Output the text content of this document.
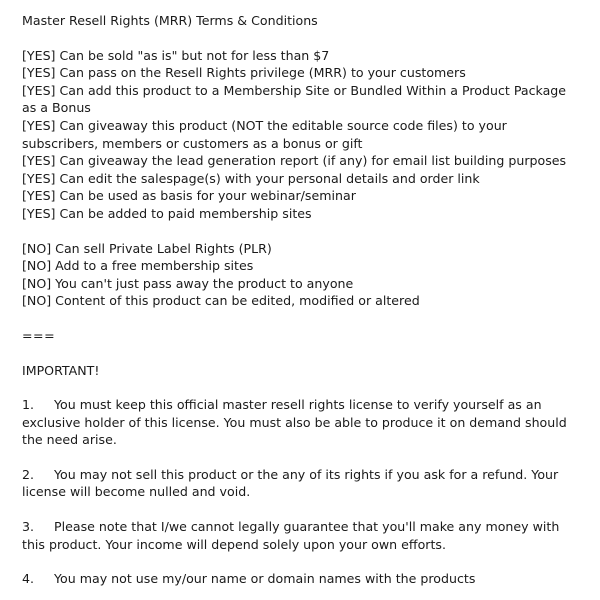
Master Resell Rights (MRR) Terms & Conditions

[YES] Can be sold "as is" but not for less than $7

[YES] Can pass on the Resell Rights privilege (MRR) to your customers

[YES] Can add this product to a Membership Site or Bundled Within a Product Package as a Bonus

[YES] Can giveaway this product (NOT the editable source code files) to your subscribers, members or customers as a bonus or gift

[YES] Can giveaway the lead generation report (if any) for email list building purposes

[YES] Can edit the salespage(s) with your personal details and order link

[YES] Can be used as basis for your webinar/seminar

[YES] Can be added to paid membership sites

[NO] Can sell Private Label Rights (PLR)

[NO] Add to a free membership sites

[NO] You can't just pass away the product to anyone

[NO] Content of this product can be edited, modified or altered

===

IMPORTANT!

1. You must keep this official master resell rights license to verify yourself as an exclusive holder of this license. You must also be able to produce it on demand should the need arise.
2. You may not sell this product or the any of its rights if you ask for a refund. Your license will become nulled and void.
3. Please note that I/we cannot legally guarantee that you'll make any money with this product. Your income will depend solely upon your own efforts.
4. You may not use my/our name or domain names with the products
